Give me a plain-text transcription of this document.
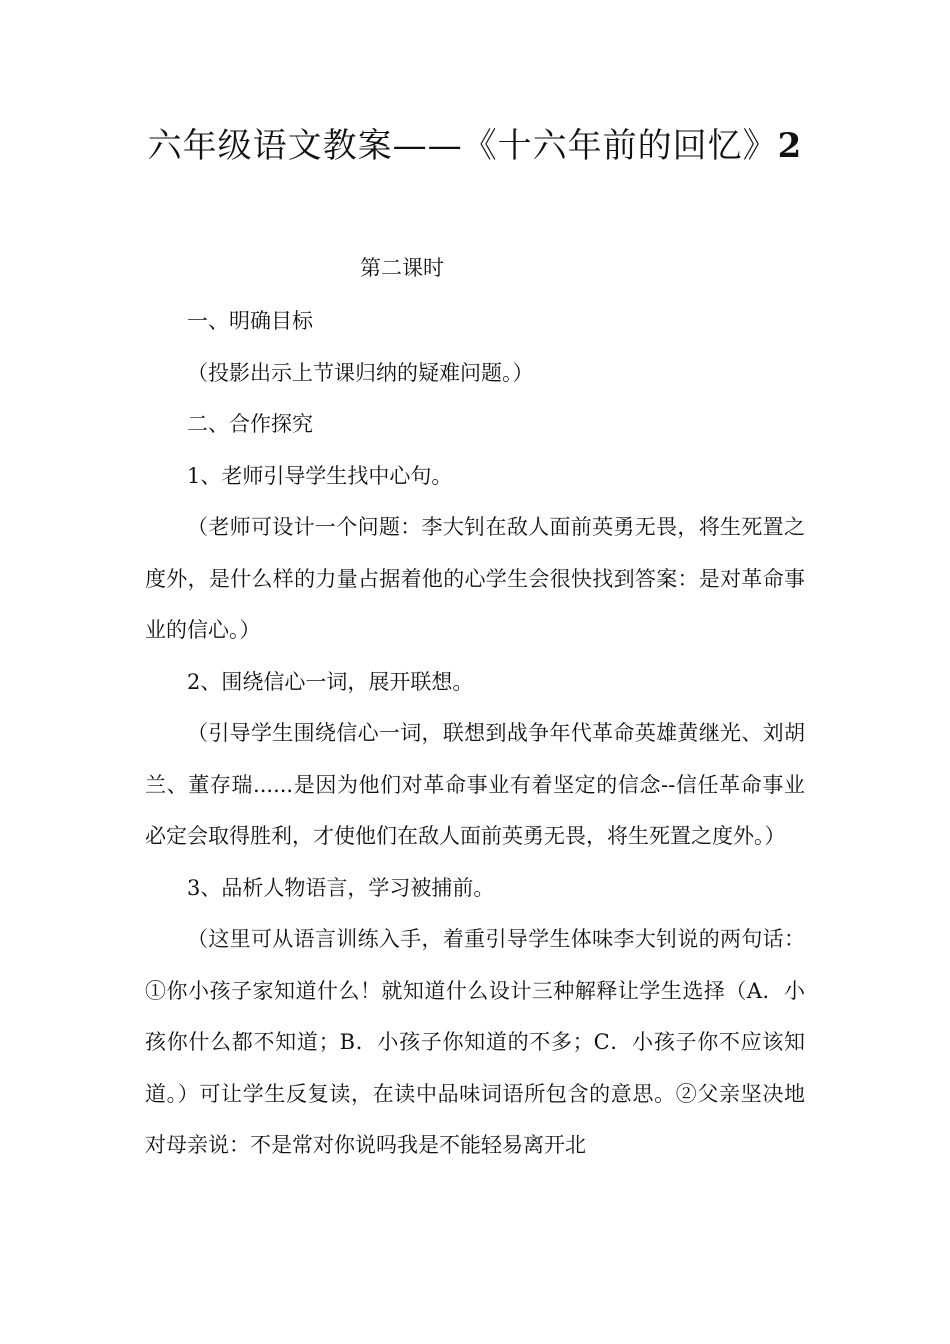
六年级语文教案——《十六年前的回忆》2

第二课时

一、明确目标

（投影出示上节课归纳的疑难问题。）

二、合作探究

1、老师引导学生找中心句。

（老师可设计一个问题：李大钊在敌人面前英勇无畏，将生死置之度外，是什么样的力量占据着他的心学生会很快找到答案：是对革命事业的信心。）

2、围绕信心一词，展开联想。

（引导学生围绕信心一词，联想到战争年代革命英雄黄继光、刘胡兰、董存瑞......是因为他们对革命事业有着坚定的信念--信任革命事业必定会取得胜利，才使他们在敌人面前英勇无畏，将生死置之度外。）

3、品析人物语言，学习被捕前。

（这里可从语言训练入手，着重引导学生体味李大钊说的两句话：①你小孩子家知道什么！就知道什么设计三种解释让学生选择（A．小孩你什么都不知道；B．小孩子你知道的不多；C．小孩子你不应该知道。）可让学生反复读，在读中品味词语所包含的意思。②父亲坚决地对母亲说：不是常对你说吗我是不能轻易离开北
